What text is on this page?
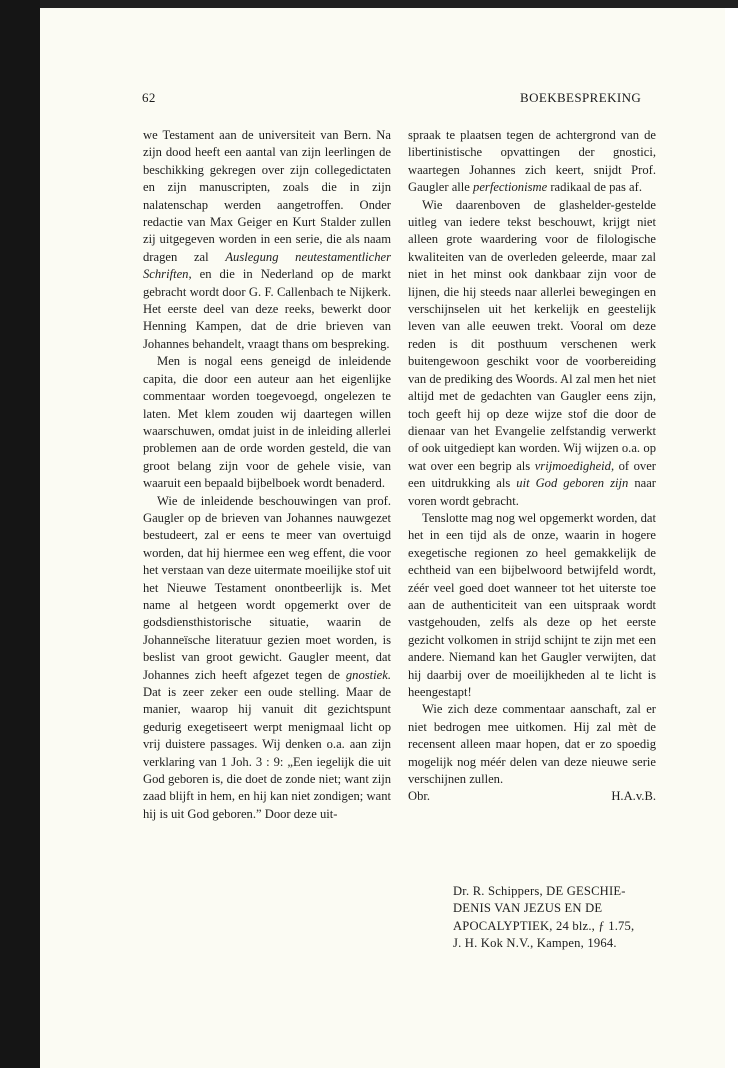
62	BOEKBESPREKING

we Testament aan de universiteit van Bern. Na zijn dood heeft een aantal van zijn leerlingen de beschikking gekregen over zijn collegedictaten en zijn manuscripten, zoals die in zijn nalatenschap werden aangetroffen. Onder redactie van Max Geiger en Kurt Stalder zullen zij uitgegeven worden in een serie, die als naam dragen zal Auslegung neutestamentlicher Schriften, en die in Nederland op de markt gebracht wordt door G. F. Callenbach te Nijkerk. Het eerste deel van deze reeks, bewerkt door Henning Kampen, dat de drie brieven van Johannes behandelt, vraagt thans om bespreking.

Men is nogal eens geneigd de inleidende capita, die door een auteur aan het eigenlijke commentaar worden toegevoegd, ongelezen te laten. Met klem zouden wij daartegen willen waarschuwen, omdat juist in de inleiding allerlei problemen aan de orde worden gesteld, die van groot belang zijn voor de gehele visie, van waaruit een bepaald bijbelboek wordt benaderd.

Wie de inleidende beschouwingen van prof. Gaugler op de brieven van Johannes nauwgezet bestudeert, zal er eens te meer van overtuigd worden, dat hij hiermee een weg effent, die voor het verstaan van deze uitermate moeilijke stof uit het Nieuwe Testament onontbeerlijk is. Met name al hetgeen wordt opgemerkt over de godsdiensthistorische situatie, waarin de Johanneïsche literatuur gezien moet worden, is beslist van groot gewicht. Gaugler meent, dat Johannes zich heeft afgezet tegen de gnostiek. Dat is zeer zeker een oude stelling. Maar de manier, waarop hij vanuit dit gezichtspunt gedurig exegetiseert werpt menigmaal licht op vrij duistere passages. Wij denken o.a. aan zijn verklaring van 1 Joh. 3 : 9: „Een iegelijk die uit God geboren is, die doet de zonde niet; want zijn zaad blijft in hem, en hij kan niet zondigen; want hij is uit God geboren.” Door deze uit-

spraak te plaatsen tegen de achtergrond van de libertinistische opvattingen der gnostici, waartegen Johannes zich keert, snijdt Prof. Gaugler alle perfectionisme radikaal de pas af.

Wie daarenboven de glashelder-gestelde uitleg van iedere tekst beschouwt, krijgt niet alleen grote waardering voor de filologische kwaliteiten van de overleden geleerde, maar zal niet in het minst ook dankbaar zijn voor de lijnen, die hij steeds naar allerlei bewegingen en verschijnselen uit het kerkelijk en geestelijk leven van alle eeuwen trekt. Vooral om deze reden is dit posthuum verschenen werk buitengewoon geschikt voor de voorbereiding van de prediking des Woords. Al zal men het niet altijd met de gedachten van Gaugler eens zijn, toch geeft hij op deze wijze stof die door de dienaar van het Evangelie zelfstandig verwerkt of ook uitgediept kan worden. Wij wijzen o.a. op wat over een begrip als vrijmoedigheid, of over een uitdrukking als uit God geboren zijn naar voren wordt gebracht.

Tenslotte mag nog wel opgemerkt worden, dat het in een tijd als de onze, waarin in hogere exegetische regionen zo heel gemakkelijk de echtheid van een bijbelwoord betwijfeld wordt, zéér veel goed doet wanneer tot het uiterste toe aan de authenticiteit van een uitspraak wordt vastgehouden, zelfs als deze op het eerste gezicht volkomen in strijd schijnt te zijn met een andere. Niemand kan het Gaugler verwijten, dat hij daarbij over de moeilijkheden al te licht is heengestapt!

Wie zich deze commentaar aanschaft, zal er niet bedrogen mee uitkomen. Hij zal mèt de recensent alleen maar hopen, dat er zo spoedig mogelijk nog méér delen van deze nieuwe serie verschijnen zullen.

Obr.	H.A.v.B.

Dr. R. Schippers, DE GESCHIE-
DENIS VAN JEZUS EN DE
APOCALYPTIEK, 24 blz., ƒ 1.75,
J. H. Kok N.V., Kampen, 1964.
